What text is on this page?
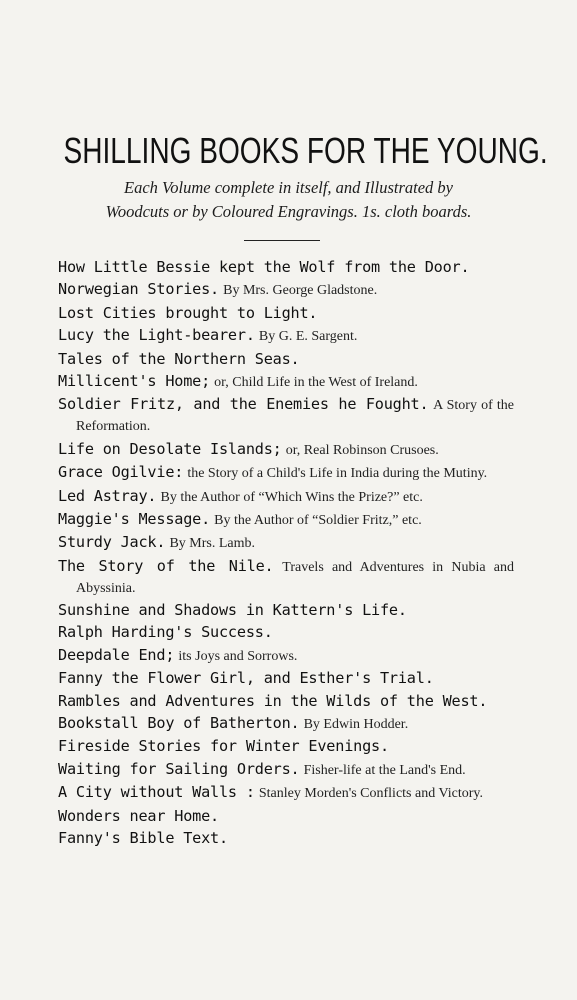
SHILLING BOOKS FOR THE YOUNG.
Each Volume complete in itself, and Illustrated by
Woodcuts or by Coloured Engravings. 1s. cloth boards.
How Little Bessie kept the Wolf from the Door.
Norwegian Stories. By Mrs. George Gladstone.
Lost Cities brought to Light.
Lucy the Light-bearer. By G. E. Sargent.
Tales of the Northern Seas.
Millicent's Home; or, Child Life in the West of Ireland.
Soldier Fritz, and the Enemies he Fought. A Story of the Reformation.
Life on Desolate Islands; or, Real Robinson Crusoes.
Grace Ogilvie: the Story of a Child's Life in India during the Mutiny.
Led Astray. By the Author of “Which Wins the Prize?” etc.
Maggie's Message. By the Author of “Soldier Fritz,” etc.
Sturdy Jack. By Mrs. Lamb.
The Story of the Nile. Travels and Adventures in Nubia and Abyssinia.
Sunshine and Shadows in Kattern's Life.
Ralph Harding's Success.
Deepdale End; its Joys and Sorrows.
Fanny the Flower Girl, and Esther's Trial.
Rambles and Adventures in the Wilds of the West.
Bookstall Boy of Batherton. By Edwin Hodder.
Fireside Stories for Winter Evenings.
Waiting for Sailing Orders. Fisher-life at the Land's End.
A City without Walls : Stanley Morden's Conflicts and Victory.
Wonders near Home.
Fanny's Bible Text.
